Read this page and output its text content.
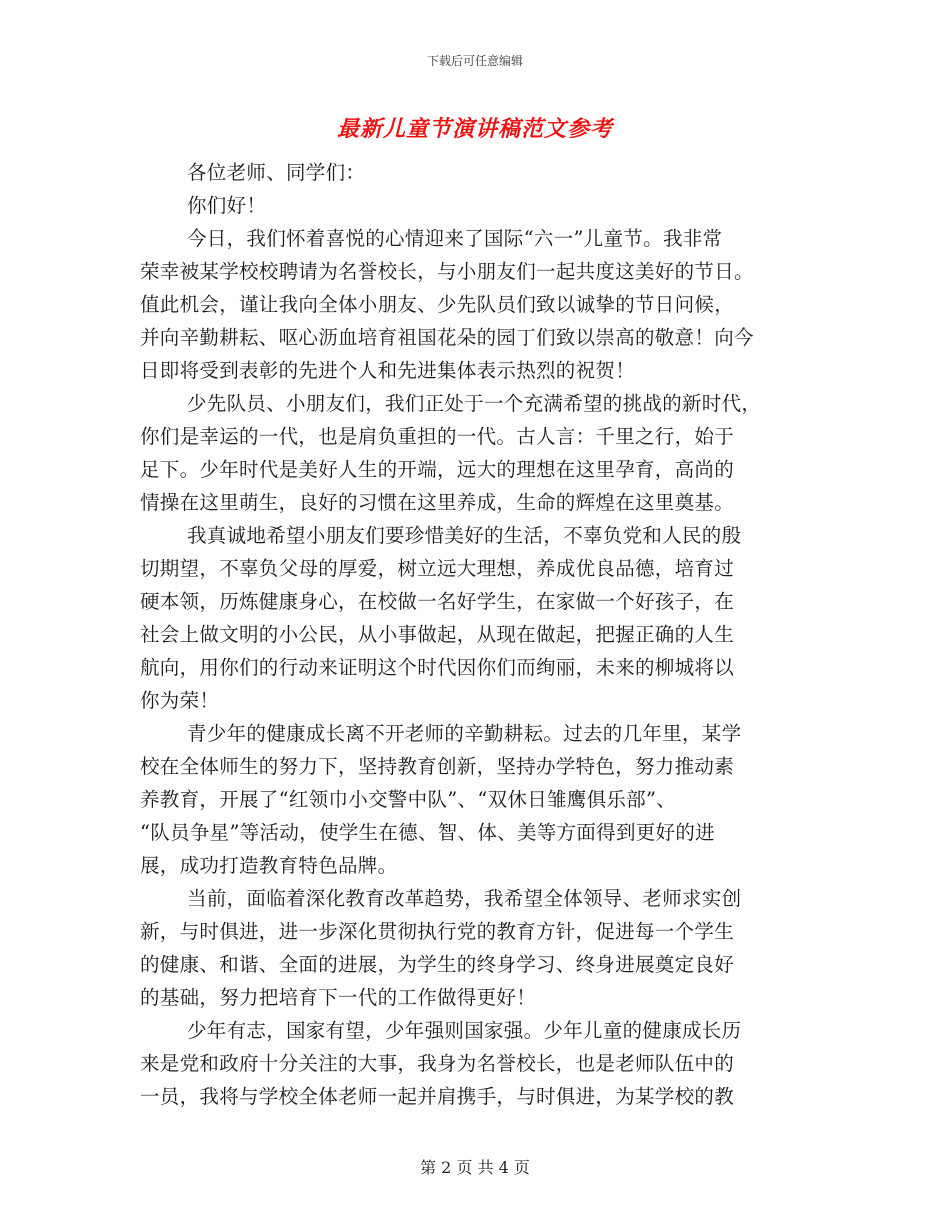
下载后可任意编辑
最新儿童节演讲稿范文参考
各位老师、同学们：
你们好！
今日，我们怀着喜悦的心情迎来了国际“六一”儿童节。我非常
荣幸被某学校校聘请为名誉校长，与小朋友们一起共度这美好的节日。
值此机会，谨让我向全体小朋友、少先队员们致以诚挚的节日问候，
并向辛勤耕耘、呕心沥血培育祖国花朵的园丁们致以崇高的敬意！向今
日即将受到表彰的先进个人和先进集体表示热烈的祝贺！
少先队员、小朋友们，我们正处于一个充满希望的挑战的新时代，
你们是幸运的一代，也是肩负重担的一代。古人言：千里之行，始于
足下。少年时代是美好人生的开端，远大的理想在这里孕育，高尚的
情操在这里萌生，良好的习惯在这里养成，生命的辉煌在这里奠基。
我真诚地希望小朋友们要珍惜美好的生活，不辜负党和人民的殷
切期望，不辜负父母的厚爱，树立远大理想，养成优良品德，培育过
硬本领，历炼健康身心，在校做一名好学生，在家做一个好孩子，在
社会上做文明的小公民，从小事做起，从现在做起，把握正确的人生
航向，用你们的行动来证明这个时代因你们而绚丽，未来的柳城将以
你为荣！
青少年的健康成长离不开老师的辛勤耕耘。过去的几年里，某学
校在全体师生的努力下，坚持教育创新，坚持办学特色，努力推动素
养教育，开展了“红领巾小交警中队”、“双休日雏鹰俱乐部”、
“队员争星”等活动，使学生在德、智、体、美等方面得到更好的进
展，成功打造教育特色品牌。
当前，面临着深化教育改革趋势，我希望全体领导、老师求实创
新，与时俱进，进一步深化贯彻执行党的教育方针，促进每一个学生
的健康、和谐、全面的进展，为学生的终身学习、终身进展奠定良好
的基础，努力把培育下一代的工作做得更好！
少年有志，国家有望，少年强则国家强。少年儿童的健康成长历
来是党和政府十分关注的大事，我身为名誉校长，也是老师队伍中的
一员，我将与学校全体老师一起并肩携手，与时俱进，为某学校的教
第 2 页 共 4 页
